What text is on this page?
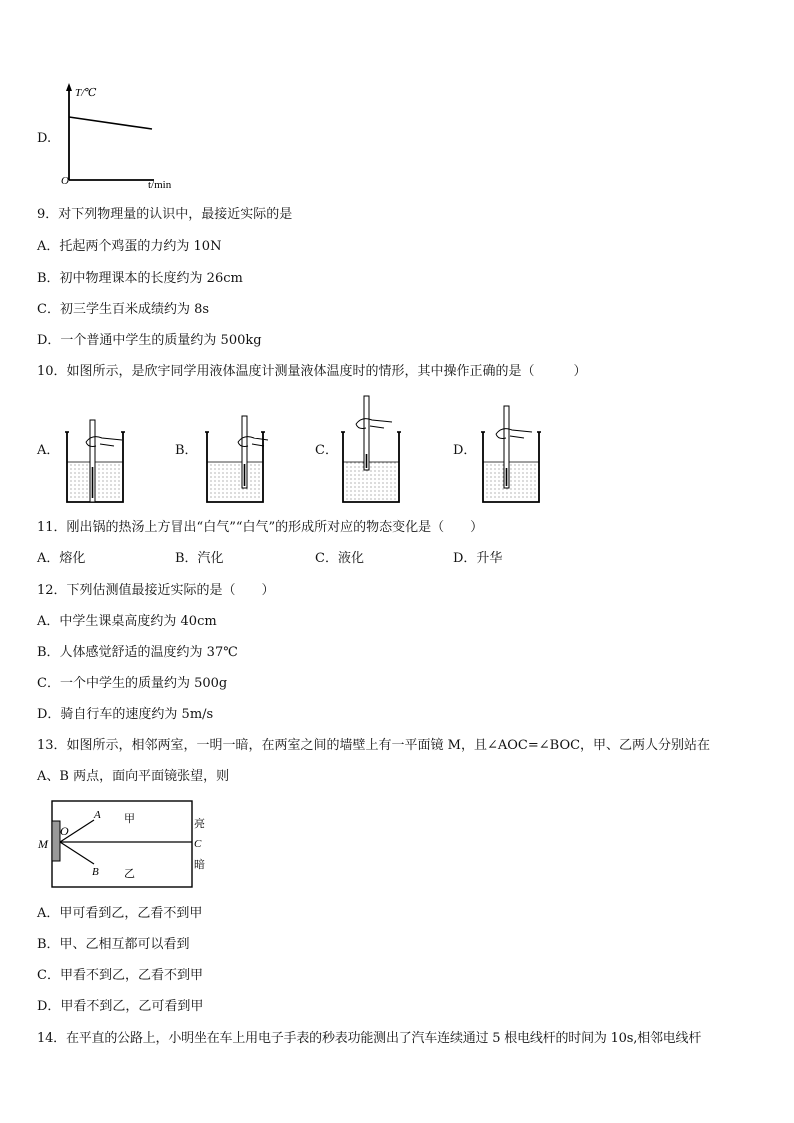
D.
T/℃
O	t/min
9．对下列物理量的认识中，最接近实际的是
A．托起两个鸡蛋的力约为 10N
B．初中物理课本的长度约为 26cm
C．初三学生百米成绩约为 8s
D．一个普通中学生的质量约为 500kg
10．如图所示，是欣宇同学用液体温度计测量液体温度时的情形，其中操作正确的是（　　　）
A．	B．	C．	D．
11．刚出锅的热汤上方冒出“白气”“白气”的形成所对应的物态变化是（　　）
A．熔化	B．汽化	C．液化	D．升华
12．下列估测值最接近实际的是（　　）
A．中学生课桌高度约为 40cm
B．人体感觉舒适的温度约为 37℃
C．一个中学生的质量约为 500g
D．骑自行车的速度约为 5m/s
13．如图所示，相邻两室，一明一暗，在两室之间的墙壁上有一平面镜 M，且∠AOC=∠BOC，甲、乙两人分别站在
A、B 两点，面向平面镜张望，则
M
O
A
B
甲
乙
亮
C
暗
A．甲可看到乙，乙看不到甲
B．甲、乙相互都可以看到
C．甲看不到乙，乙看不到甲
D．甲看不到乙，乙可看到甲
14．在平直的公路上，小明坐在车上用电子手表的秒表功能测出了汽车连续通过 5 根电线杆的时间为 10s,相邻电线杆
